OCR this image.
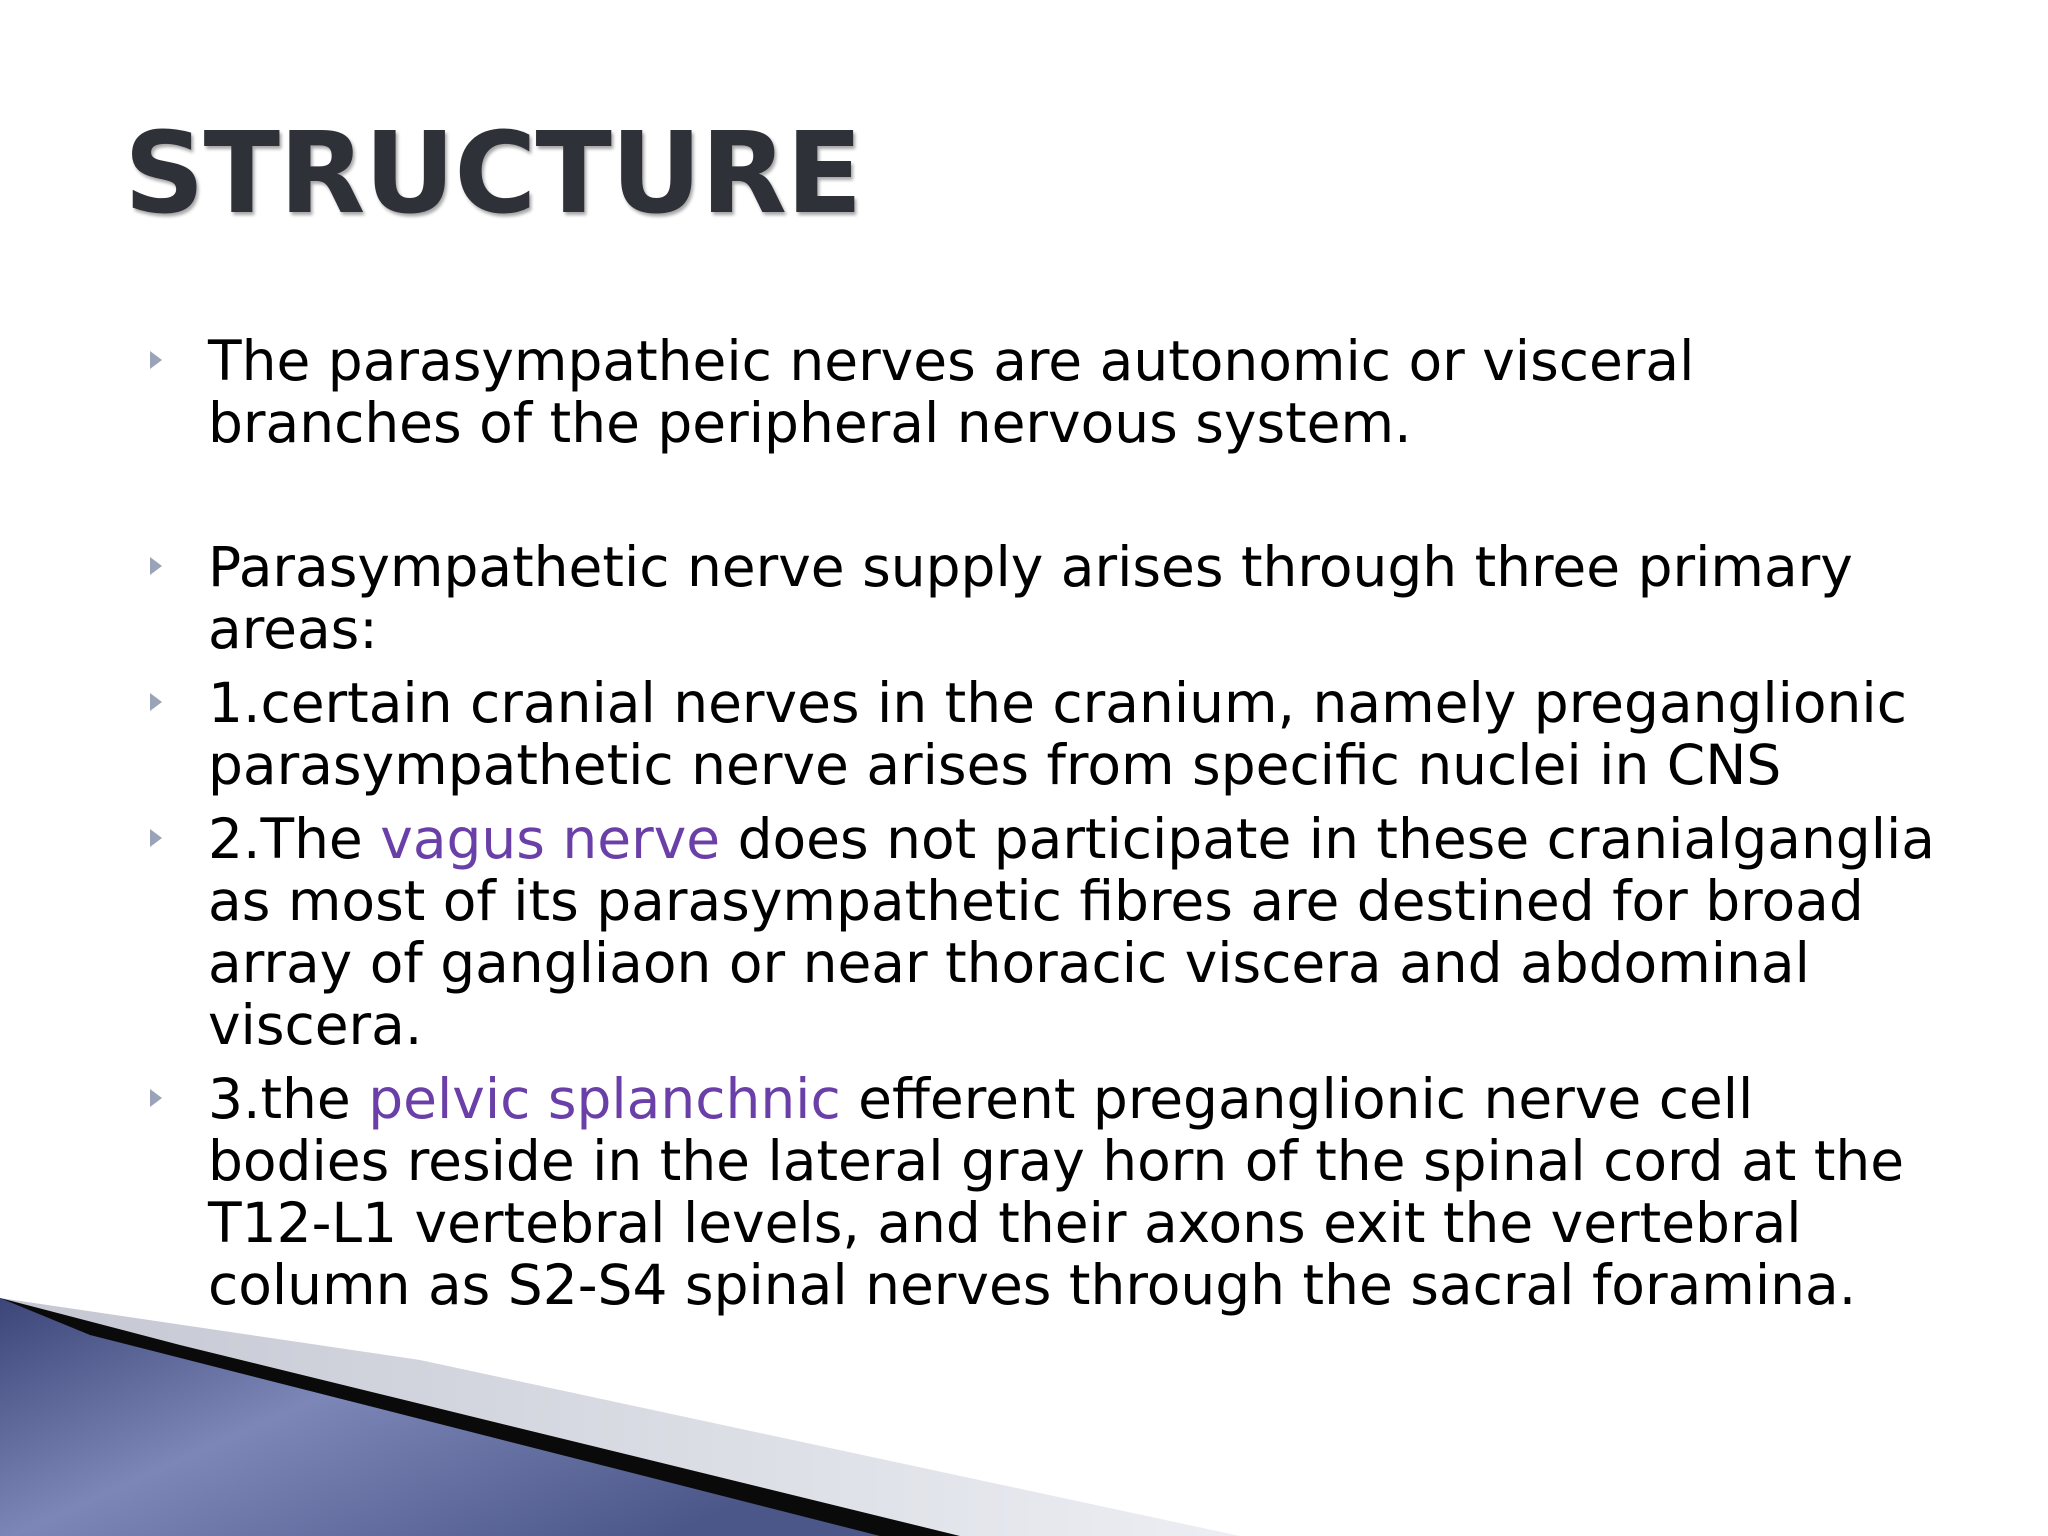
STRUCTURE
The parasympatheic nerves are autonomic or visceral branches of the peripheral nervous system.
Parasympathetic nerve supply arises through three primary areas:
1.certain cranial nerves in the cranium, namely preganglionic parasympathetic nerve arises from specific nuclei in CNS
2.The vagus nerve does not participate in these cranialganglia as most of its parasympathetic fibres are destined for broad array of gangliaon or near thoracic viscera and abdominal viscera.
3.the pelvic splanchnic efferent preganglionic nerve cell bodies reside in the lateral gray horn of the spinal cord at the T12-L1 vertebral levels, and their axons exit the vertebral column as S2-S4 spinal nerves through the sacral foramina.
